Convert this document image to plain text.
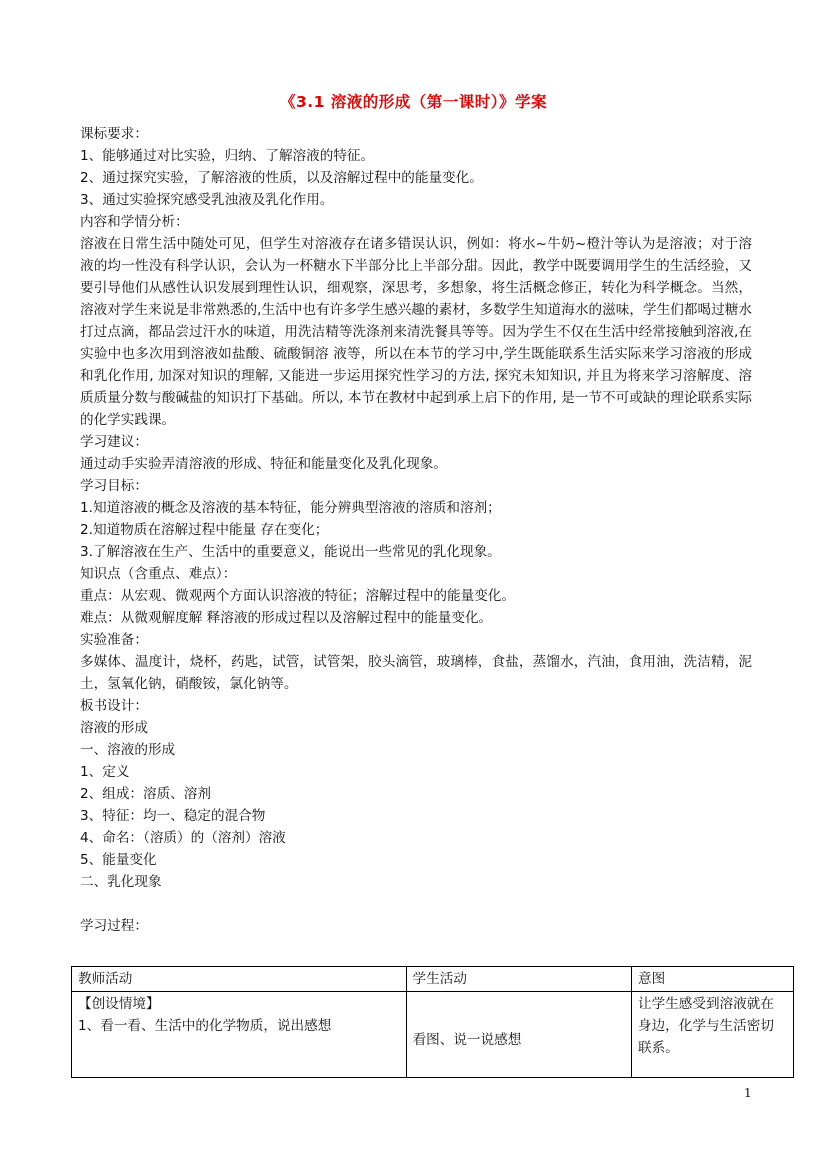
《3.1 溶液的形成（第一课时）》学案
课标要求：
1、能够通过对比实验，归纳、了解溶液的特征。
2、通过探究实验，了解溶液的性质，以及溶解过程中的能量变化。
3、通过实验探究感受乳浊液及乳化作用。
内容和学情分析：
溶液在日常生活中随处可见，但学生对溶液存在诸多错误认识，例如：将水~牛奶~橙汁等认为是溶液；对于溶液的均一性没有科学认识，会认为一杯糖水下半部分比上半部分甜。因此，教学中既要调用学生的生活经验，又要引导他们从感性认识发展到理性认识，细观察，深思考，多想象，将生活概念修正，转化为科学概念。当然，溶液对学生来说是非常熟悉的,生活中也有许多学生感兴趣的素材，多数学生知道海水的滋味，学生们都喝过糖水打过点滴，都品尝过汗水的味道，用洗洁精等洗涤剂来清洗餐具等等。因为学生不仅在生活中经常接触到溶液,在实验中也多次用到溶液如盐酸、硫酸铜溶 液等，所以在本节的学习中,学生既能联系生活实际来学习溶液的形成和乳化作用, 加深对知识的理解, 又能进一步运用探究性学习的方法, 探究未知知识, 并且为将来学习溶解度、溶质质量分数与酸碱盐的知识打下基础。所以, 本节在教材中起到承上启下的作用, 是一节不可或缺的理论联系实际的化学实践课。
学习建议：
通过动手实验弄清溶液的形成、特征和能量变化及乳化现象。
学习目标：
1.知道溶液的概念及溶液的基本特征，能分辨典型溶液的溶质和溶剂；
2.知道物质在溶解过程中能量 存在变化；
3.了解溶液在生产、生活中的重要意义，能说出一些常见的乳化现象。
知识点（含重点、难点）：
重点：从宏观、微观两个方面认识溶液的特征；溶解过程中的能量变化。
难点：从微观解度解 释溶液的形成过程以及溶解过程中的能量变化。
实验准备：
多媒体、温度计，烧杯，药匙，试管，试管架，胶头滴管，玻璃棒，食盐，蒸馏水，汽油，食用油，洗洁精，泥土，氢氧化钠，硝酸铵，氯化钠等。
板书设计：
溶液的形成
一、溶液的形成
1、定义
2、组成：溶质、溶剂
3、特征：均一、稳定的混合物
4、命名：（溶质）的（溶剂）溶液
5、能量变化
二、乳化现象
学习过程：
教师活动	学生活动	意图

【创设情境】
1、看一看、生活中的化学物质，说出感想	看图、说一说感想	让学生感受到溶液就在身边，化学与生活密切联系。
1
